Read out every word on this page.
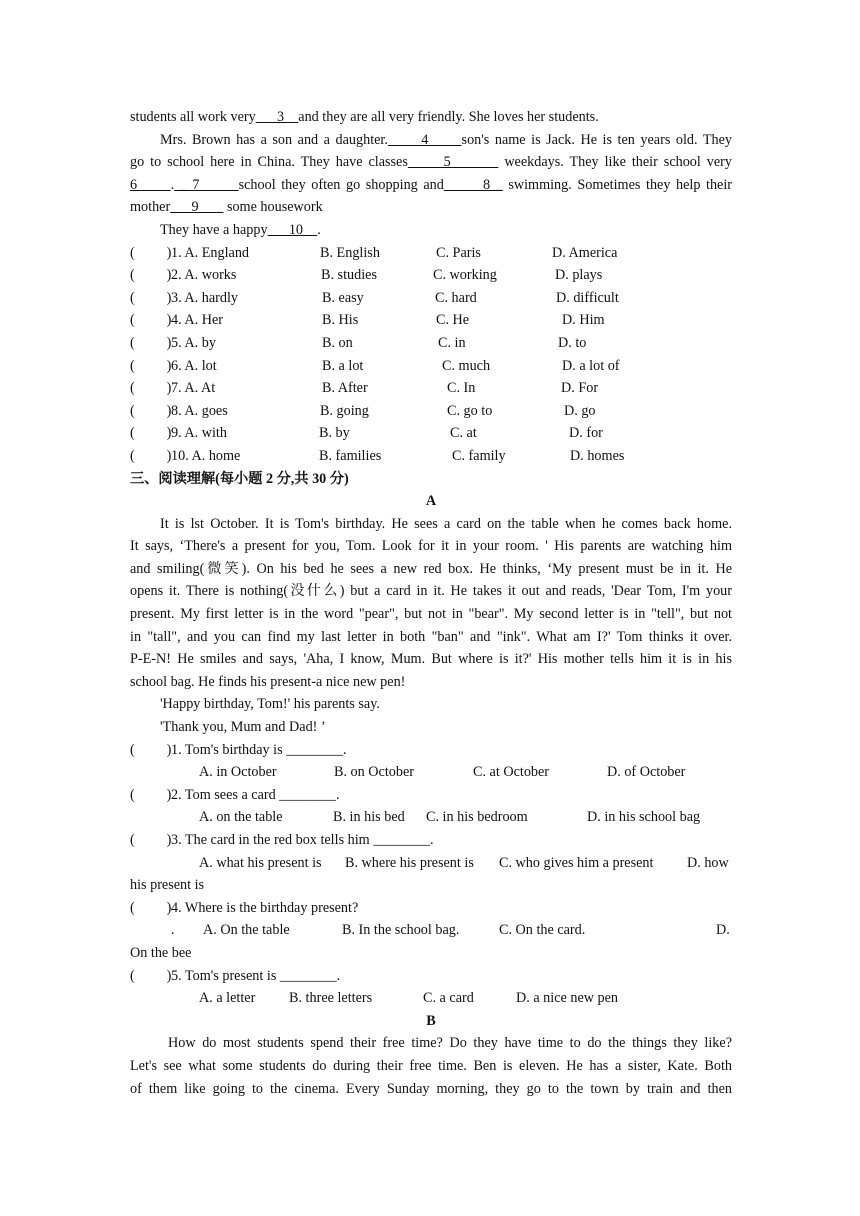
students all work very      3    and they are all very friendly. She loves her students.
Mrs. Brown has a son and a daughter.      4      son's name is Jack. He is ten years old. They
go to school here in China. They have classes      5         weekdays. They like their school very
6      . _ 7       school they often go shopping and       8 _ swimming. Sometimes they help their
mother      9        some housework
They have a happy      10    .
(         ) 1. A. England	B. English	C. Paris	D. America
(         ) 2. A. works	B. studies	C. working	D. plays
(         ) 3. A. hardly	B. easy	C. hard	D. difficult
(         ) 4. A. Her	B. His	C. He	D. Him
(         ) 5. A. by	B. on	C. in	D. to
(         ) 6. A. lot	B. a lot	C. much	D. a lot of
(         ) 7. A. At	B. After	C. In	D. For
(         ) 8. A. goes	B. going	C. go to	D. go
(         ) 9. A. with	B. by	C. at	D. for
(         ) 10. A. home	B. families	C. family	D. homes
三、阅读理解(每小题 2 分,共 30 分)
A
It is lst October. It is Tom's birthday. He sees a card on the table when he comes back home.
It says, ‘There's a present for you, Tom. Look for it in your room. ' His parents are watching him
and smiling(微笑). On his bed he sees a new red box. He thinks, ‘My present must be in it. He
opens it. There is nothing(没什么) but a card in it. He takes it out and reads, 'Dear Tom, I'm your
present. My first letter is in the word "pear", but not in "bear". My second letter is in "tell", but not
in "tall", and you can find my last letter in both "ban" and "ink". What am I?' Tom thinks it over.
P-E-N! He smiles and says, 'Aha, I know, Mum. But where is it?' His mother tells him it is in his
school bag. He finds his present-a nice new pen!
'Happy birthday, Tom!' his parents say.
'Thank you, Mum and Dad! ’
(         ) 1. Tom's birthday is ________.
A. in October	B. on October	C. at October	D. of October
(         ) 2. Tom sees a card ________.
A. on the table	B. in his bed C. in his bedroom	D. in his school bag
(         ) 3. The card in the red box tells him ________.
A. what his present is B. where his present is C. who gives him a present D. how
his present is
(         ) 4. Where is the birthday present?
. A. On the table	B. In the school bag.	C. On the card.	D.
On the bee
(         ) 5. Tom's present is ________.
A. a letter B. three letters	C. a card	D. a nice new pen
B
How do most students spend their free time? Do they have time to do the things they like?
Let's see what some students do during their free time. Ben is eleven. He has a sister, Kate. Both
of them like going to the cinema. Every Sunday morning, they go to the town by train and then
